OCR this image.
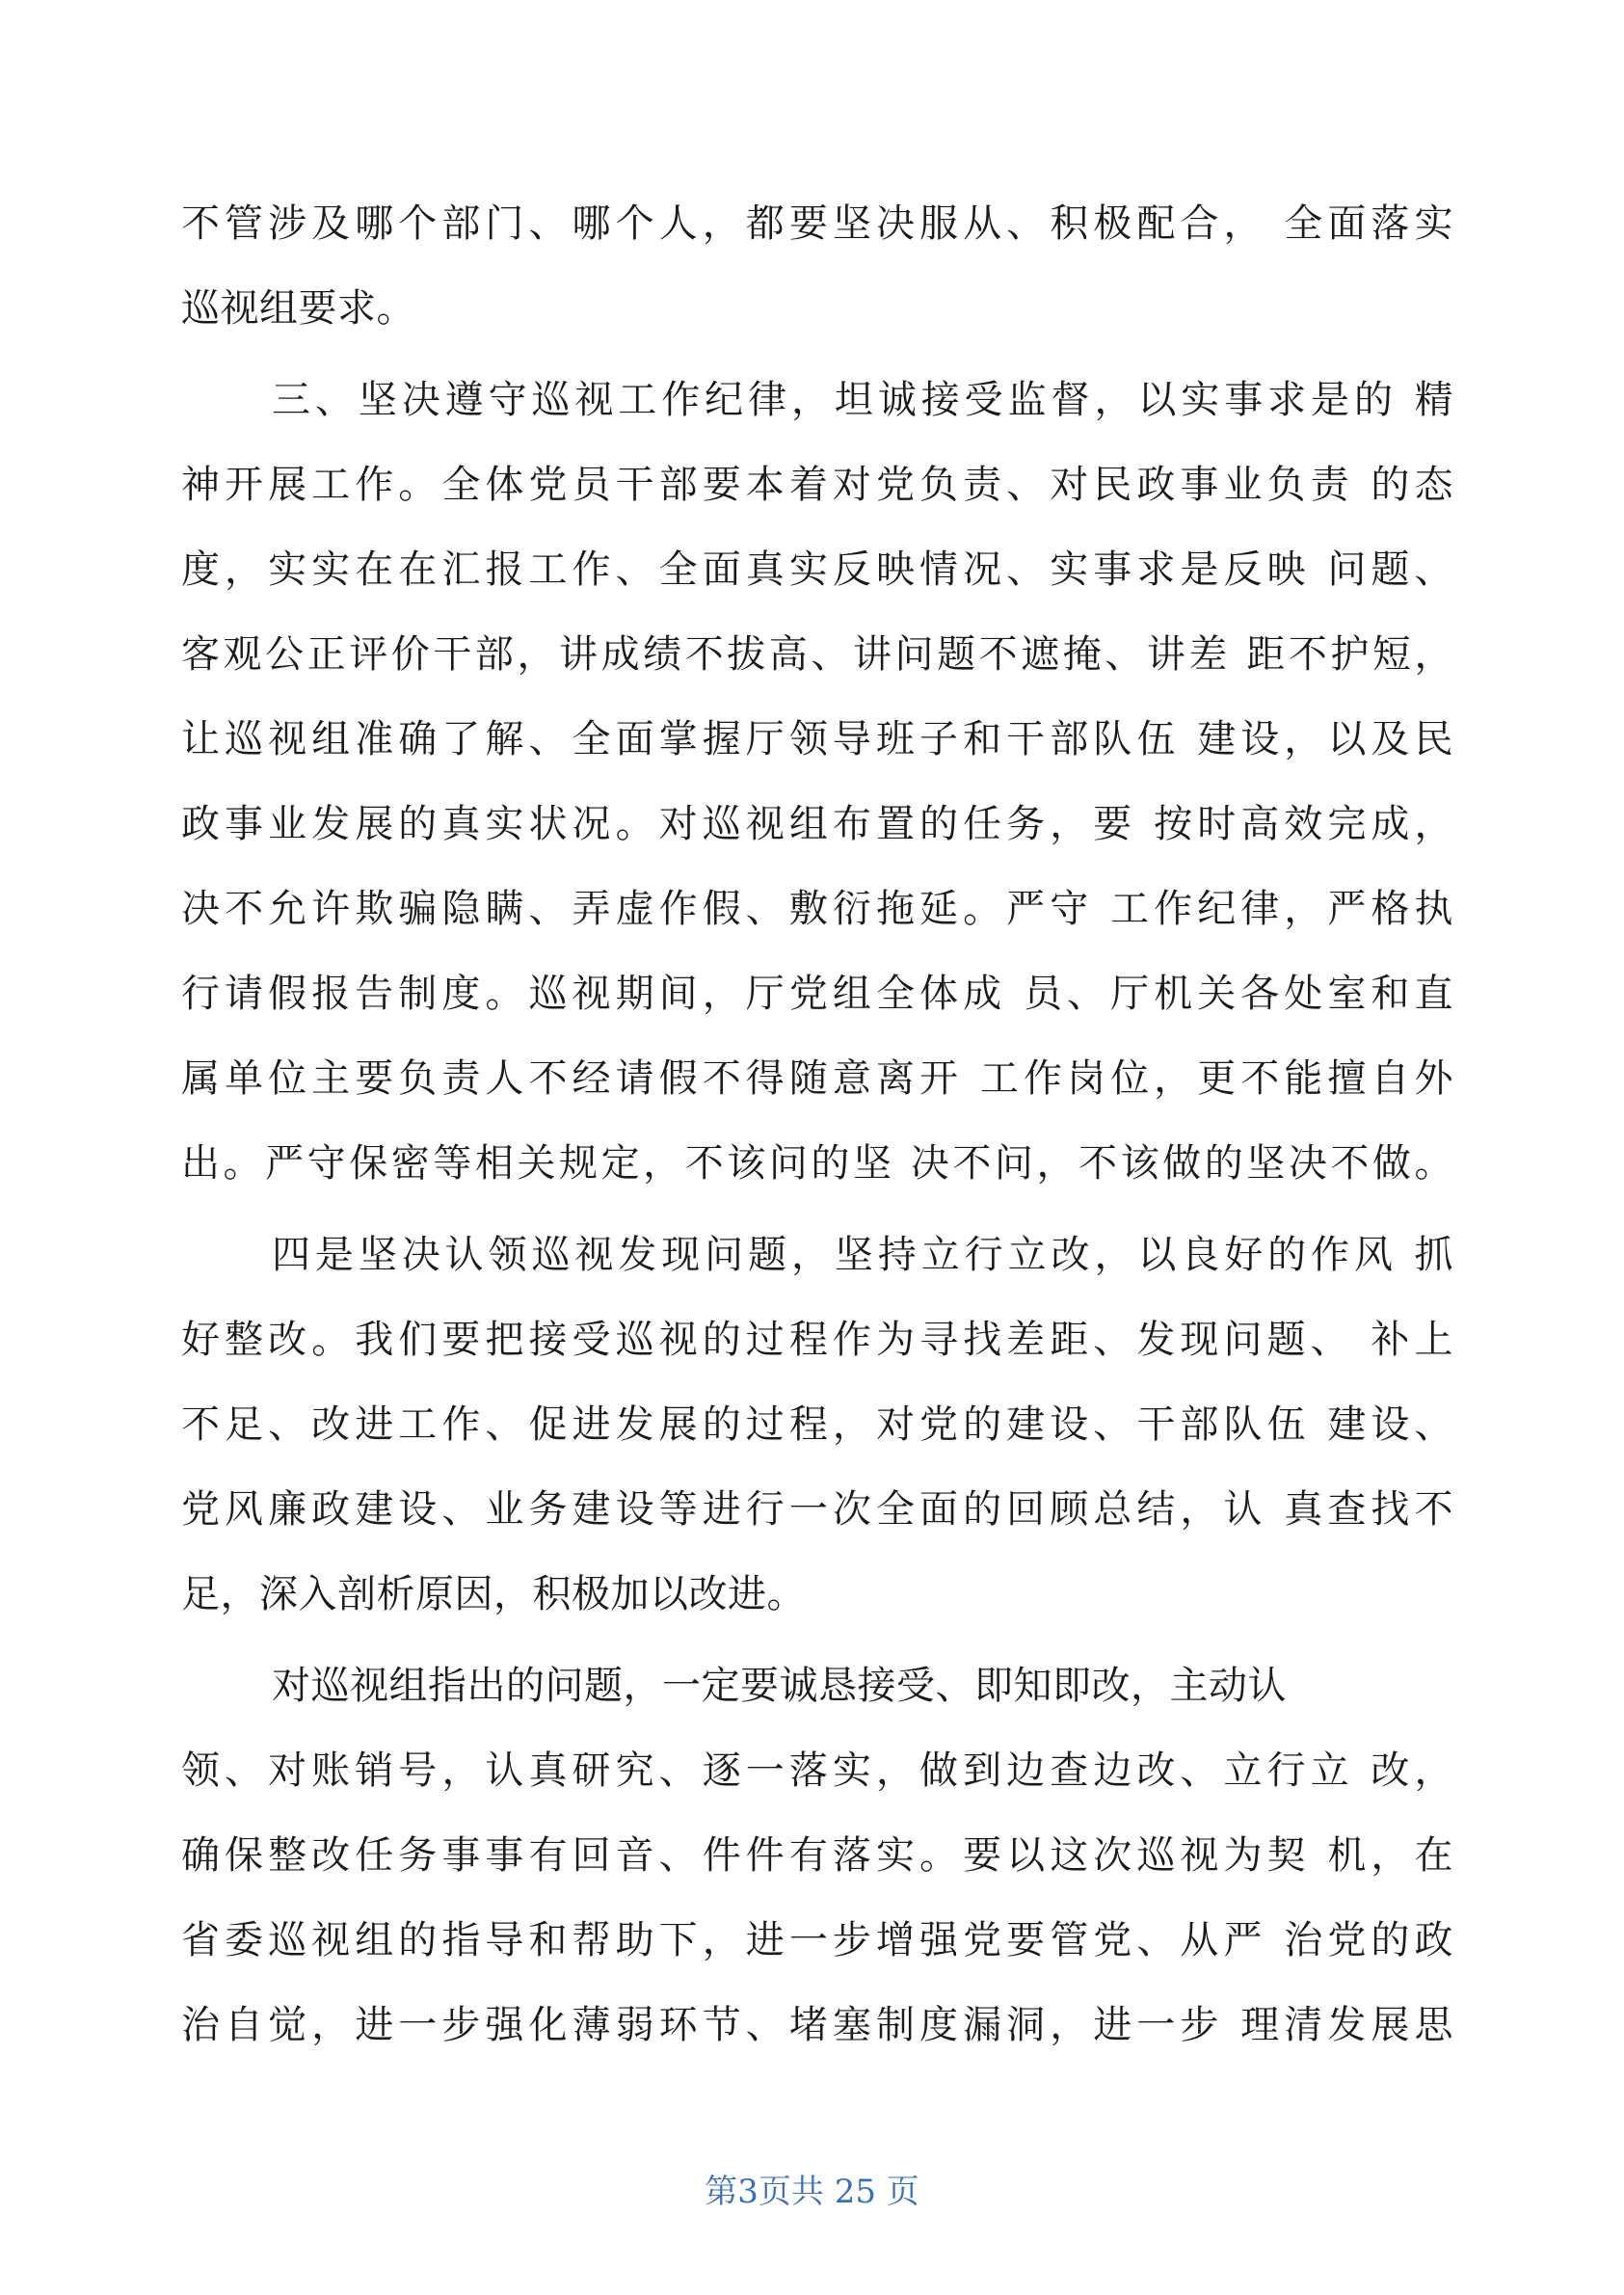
不管涉及哪个部门、哪个人，都要坚决服从、积极配合， 全面落实
巡视组要求。
三、坚决遵守巡视工作纪律，坦诚接受监督，以实事求是的 精
神开展工作。全体党员干部要本着对党负责、对民政事业负责 的态
度，实实在在汇报工作、全面真实反映情况、实事求是反映 问题、
客观公正评价干部，讲成绩不拔高、讲问题不遮掩、讲差 距不护短，
让巡视组准确了解、全面掌握厅领导班子和干部队伍 建设，以及民
政事业发展的真实状况。对巡视组布置的任务，要 按时高效完成，
决不允许欺骗隐瞒、弄虚作假、敷衍拖延。严守 工作纪律，严格执
行请假报告制度。巡视期间，厅党组全体成 员、厅机关各处室和直
属单位主要负责人不经请假不得随意离开 工作岗位，更不能擅自外
出。严守保密等相关规定，不该问的坚 决不问，不该做的坚决不做。
四是坚决认领巡视发现问题，坚持立行立改，以良好的作风 抓
好整改。我们要把接受巡视的过程作为寻找差距、发现问题、 补上
不足、改进工作、促进发展的过程，对党的建设、干部队伍 建设、
党风廉政建设、业务建设等进行一次全面的回顾总结，认 真查找不
足，深入剖析原因，积极加以改进。
对巡视组指出的问题，一定要诚恳接受、即知即改，主动认
领、对账销号，认真研究、逐一落实，做到边查边改、立行立 改，
确保整改任务事事有回音、件件有落实。要以这次巡视为契 机，在
省委巡视组的指导和帮助下，进一步增强党要管党、从严 治党的政
治自觉，进一步强化薄弱环节、堵塞制度漏洞，进一步 理清发展思
第3页共 25 页
